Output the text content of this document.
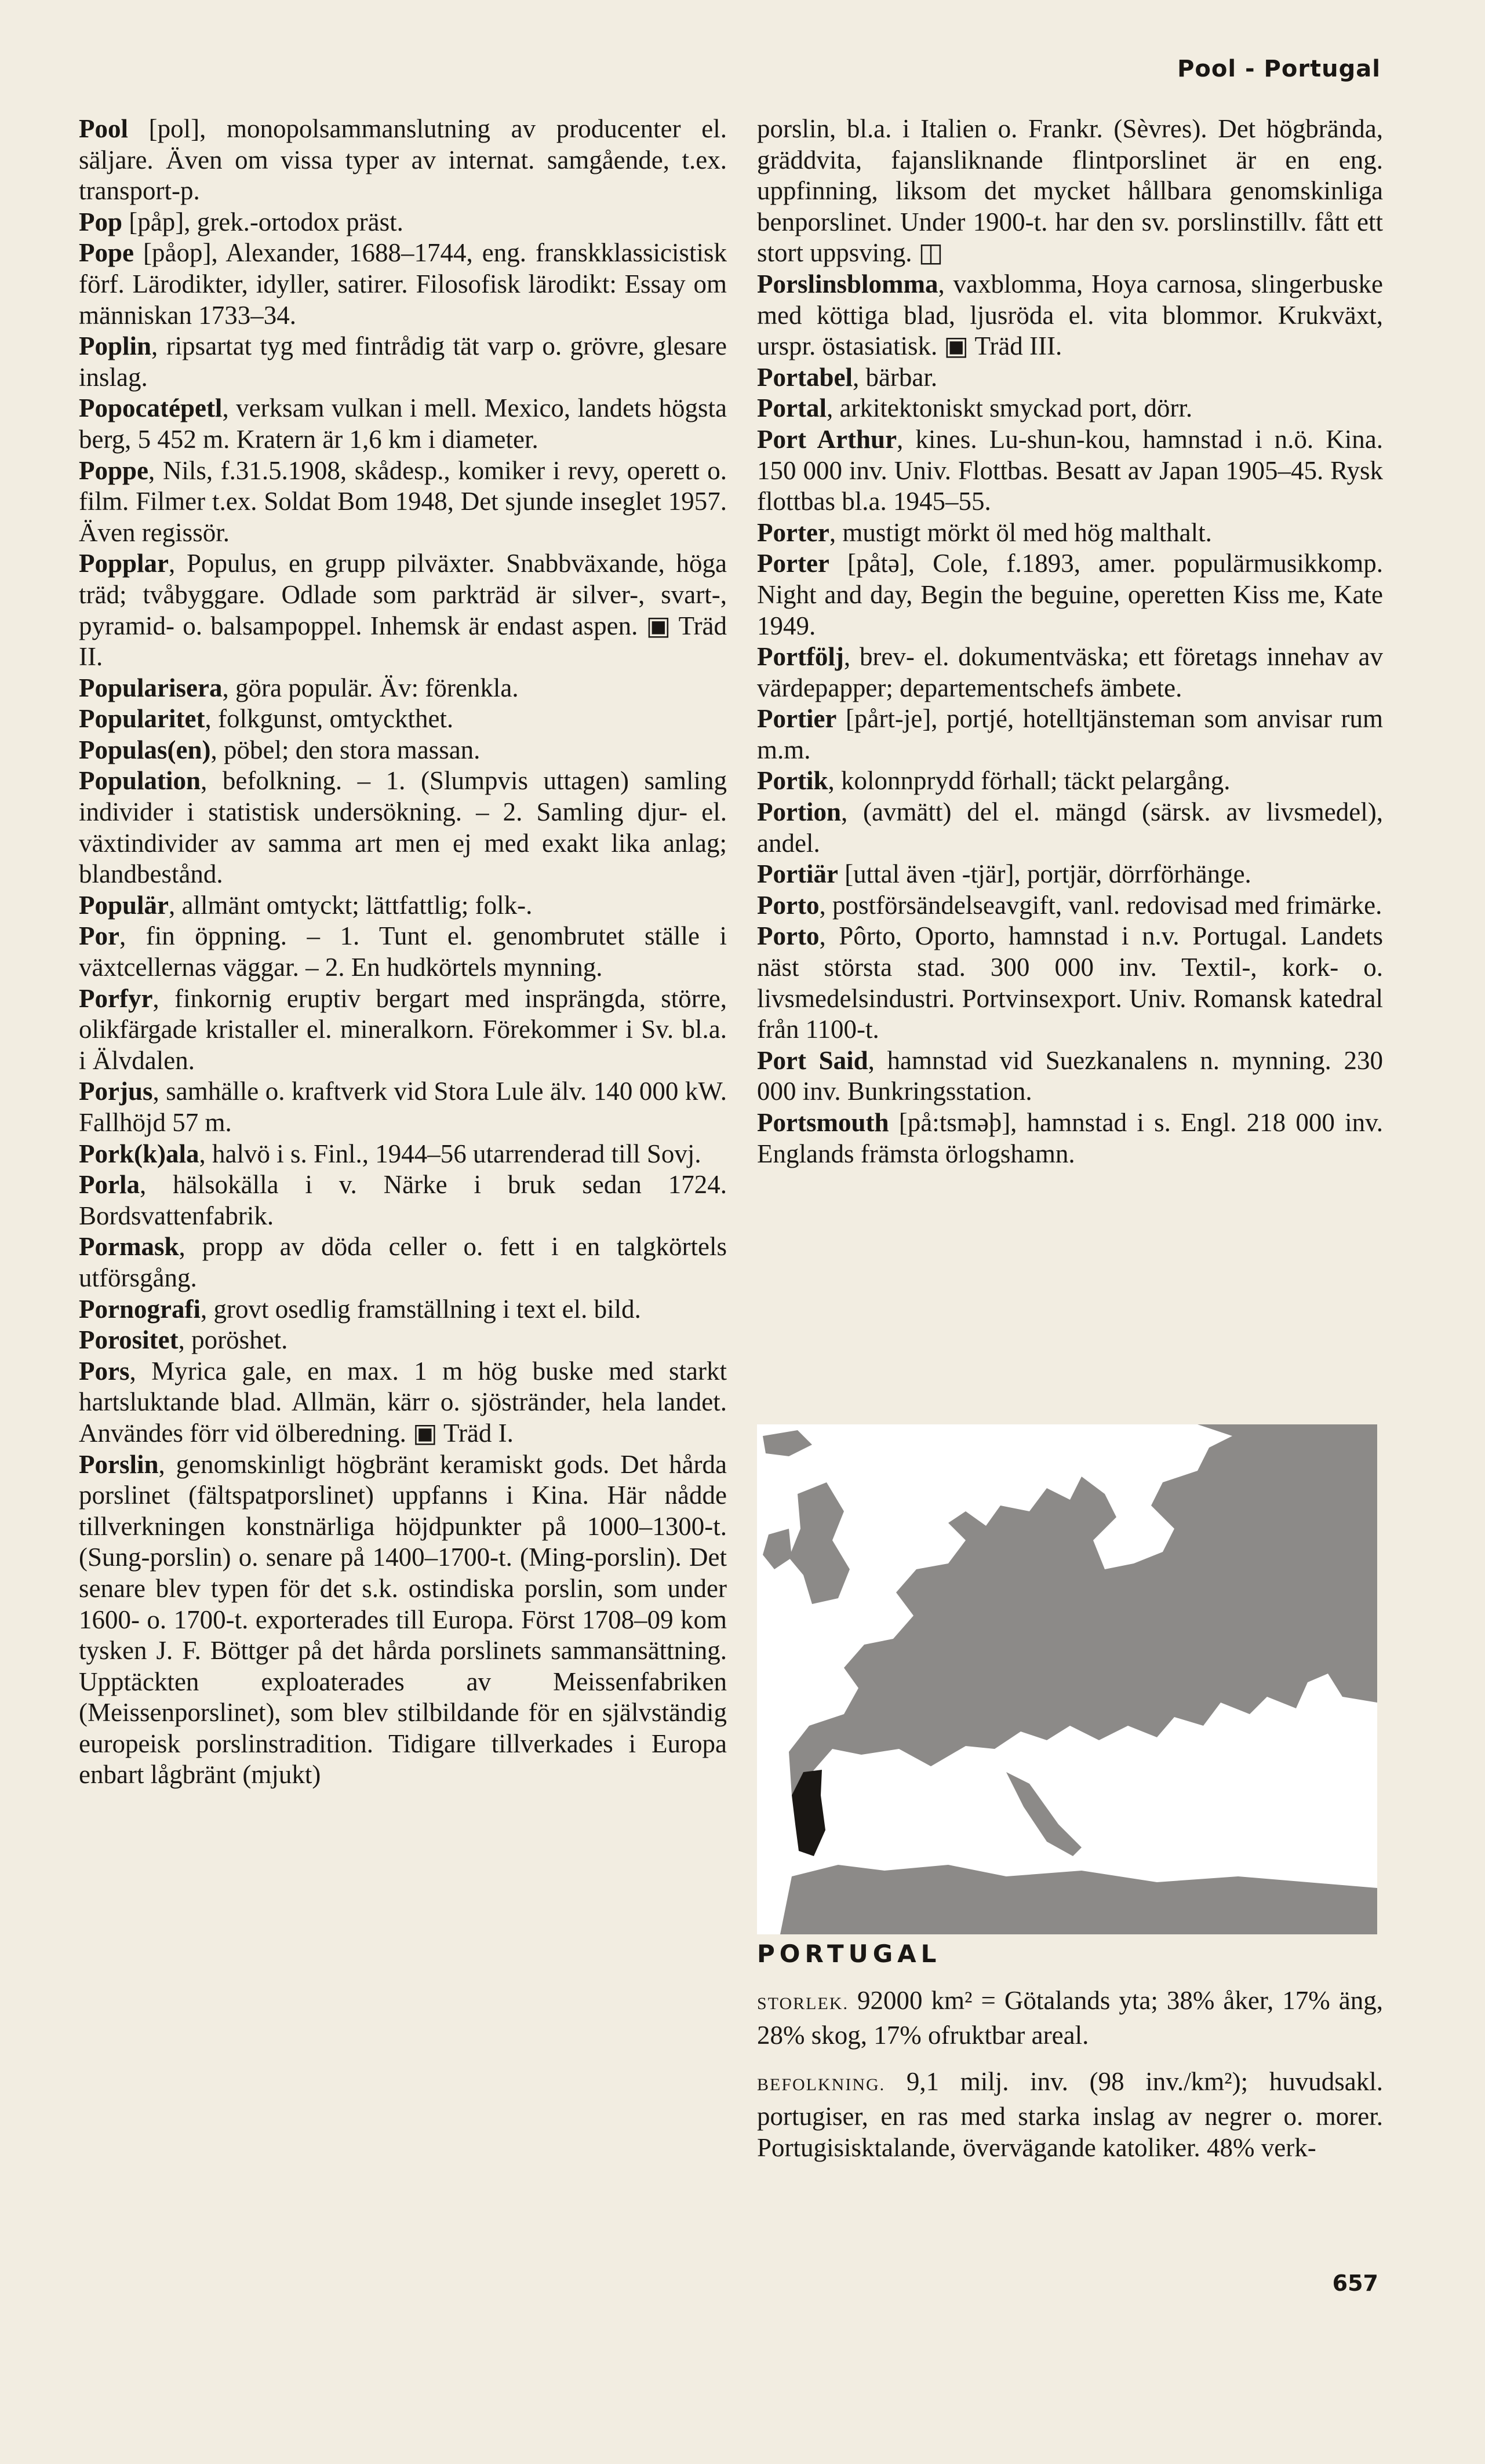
Pool - Portugal

Pool [pol], monopolsammanslutning av producenter el. säljare. Även om vissa typer av internat. samgående, t.ex. transport-p.

Pop [påp], grek.-ortodox präst.

Pope [påop], Alexander, 1688–1744, eng. franskklassicistisk förf. Lärodikter, idyller, satirer. Filosofisk lärodikt: Essay om människan 1733–34.

Poplin, ripsartat tyg med fintrådig tät varp o. grövre, glesare inslag.

Popocatépetl, verksam vulkan i mell. Mexico, landets högsta berg, 5 452 m. Kratern är 1,6 km i diameter.

Poppe, Nils, f.31.5.1908, skådesp., komiker i revy, operett o. film. Filmer t.ex. Soldat Bom 1948, Det sjunde inseglet 1957. Även regissör.

Popplar, Populus, en grupp pilväxter. Snabbväxande, höga träd; tvåbyggare. Odlade som parkträd är silver-, svart-, pyramid- o. balsampoppel. Inhemsk är endast aspen. ▣ Träd II.

Popularisera, göra populär. Äv: förenkla.

Popularitet, folkgunst, omtyckthet.

Populas(en), pöbel; den stora massan.

Population, befolkning. – 1. (Slumpvis uttagen) samling individer i statistisk undersökning. – 2. Samling djur- el. växtindivider av samma art men ej med exakt lika anlag; blandbestånd.

Populär, allmänt omtyckt; lättfattlig; folk-.

Por, fin öppning. – 1. Tunt el. genombrutet ställe i växtcellernas väggar. – 2. En hudkörtels mynning.

Porfyr, finkornig eruptiv bergart med insprängda, större, olikfärgade kristaller el. mineralkorn. Förekommer i Sv. bl.a. i Älvdalen.

Porjus, samhälle o. kraftverk vid Stora Lule älv. 140 000 kW. Fallhöjd 57 m.

Pork(k)ala, halvö i s. Finl., 1944–56 utarrenderad till Sovj.

Porla, hälsokälla i v. Närke i bruk sedan 1724. Bordsvattenfabrik.

Pormask, propp av döda celler o. fett i en talgkörtels utförsgång.

Pornografi, grovt osedlig framställning i text el. bild.

Porositet, poröshet.

Pors, Myrica gale, en max. 1 m hög buske med starkt hartsluktande blad. Allmän, kärr o. sjöstränder, hela landet. Användes förr vid ölberedning. ▣ Träd I.

Porslin, genomskinligt högbränt keramiskt gods. Det hårda porslinet (fältspatporslinet) uppfanns i Kina. Här nådde tillverkningen konstnärliga höjdpunkter på 1000–1300-t. (Sung-porslin) o. senare på 1400–1700-t. (Ming-porslin). Det senare blev typen för det s.k. ostindiska porslin, som under 1600- o. 1700-t. exporterades till Europa. Först 1708–09 kom tysken J. F. Böttger på det hårda porslinets sammansättning. Upptäckten exploaterades av Meissenfabriken (Meissenporslinet), som blev stilbildande för en självständig europeisk porslinstradition. Tidigare tillverkades i Europa enbart lågbränt (mjukt)

porslin, bl.a. i Italien o. Frankr. (Sèvres). Det högbrända, gräddvita, fajansliknande flintporslinet är en eng. uppfinning, liksom det mycket hållbara genomskinliga benporslinet. Under 1900-t. har den sv. porslinstillv. fått ett stort uppsving. ◫

Porslinsblomma, vaxblomma, Hoya carnosa, slingerbuske med köttiga blad, ljusröda el. vita blommor. Krukväxt, urspr. östasiatisk. ▣ Träd III.

Portabel, bärbar.

Portal, arkitektoniskt smyckad port, dörr.

Port Arthur, kines. Lu-shun-kou, hamnstad i n.ö. Kina. 150 000 inv. Univ. Flottbas. Besatt av Japan 1905–45. Rysk flottbas bl.a. 1945–55.

Porter, mustigt mörkt öl med hög malthalt.

Porter [påtə], Cole, f.1893, amer. populärmusikkomp. Night and day, Begin the beguine, operetten Kiss me, Kate 1949.

Portfölj, brev- el. dokumentväska; ett företags innehav av värdepapper; departementschefs ämbete.

Portier [pårt-je], portjé, hotelltjänsteman som anvisar rum m.m.

Portik, kolonnprydd förhall; täckt pelargång.

Portion, (avmätt) del el. mängd (särsk. av livsmedel), andel.

Portiär [uttal även -tjär], portjär, dörrförhänge.

Porto, postförsändelseavgift, vanl. redovisad med frimärke.

Porto, Pôrto, Oporto, hamnstad i n.v. Portugal. Landets näst största stad. 300 000 inv. Textil-, kork- o. livsmedelsindustri. Portvinsexport. Univ. Romansk katedral från 1100-t.

Port Said, hamnstad vid Suezkanalens n. mynning. 230 000 inv. Bunkringsstation.

Portsmouth [på:tsməþ], hamnstad i s. Engl. 218 000 inv. Englands främsta örlogshamn.

PORTUGAL

STORLEK. 92000 km² = Götalands yta; 38% åker, 17% äng, 28% skog, 17% ofruktbar areal.

BEFOLKNING. 9,1 milj. inv. (98 inv./km²); huvudsakl. portugiser, en ras med starka inslag av negrer o. morer. Portugisisktalande, övervägande katoliker. 48% verk-

657
